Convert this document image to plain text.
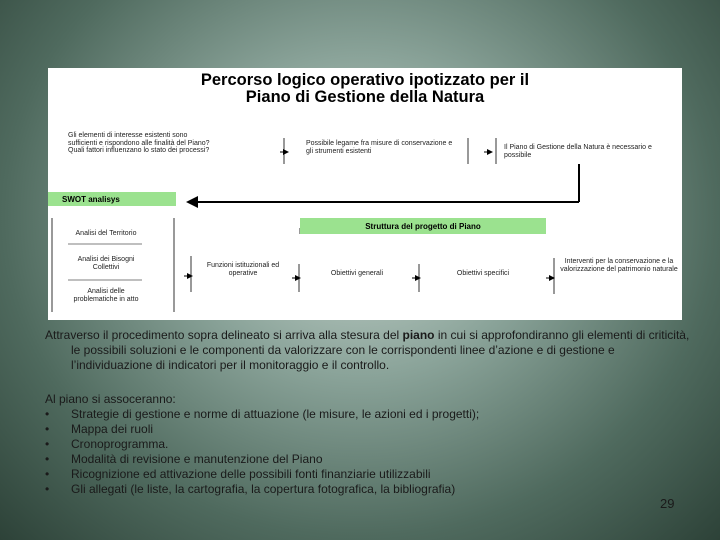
Percorso logico operativo ipotizzato per il
Piano di Gestione della Natura
Gli elementi di interesse esistenti sono sufficienti e rispondono alle finalità del Piano? Quali fattori influenzano lo stato dei processi?
Possibile legame fra misure di conservazione e gli strumenti esistenti	Il Piano di Gestione della Natura è necessario e possibile
SWOT analisys
Struttura del progetto di Piano
Analisi del Territorio
Analisi dei Bisogni Collettivi
Analisi delle problematiche in atto
Funzioni istituzionali ed operative	Obiettivi generali	Obiettivi specifici
Interventi per la conservazione e la valorizzazione del patrimonio naturale

Attraverso il procedimento sopra delineato si arriva alla stesura del piano in cui si approfondiranno gli elementi di criticità, le possibili soluzioni e le componenti da valorizzare con le corrispondenti linee d’azione e di gestione e l’individuazione di indicatori per il monitoraggio e il controllo.

Al piano si assoceranno:

• Strategie di gestione e norme di attuazione (le misure, le azioni ed i progetti);
• Mappa dei ruoli
• Cronoprogramma.
• Modalità di revisione e manutenzione del Piano
• Ricognizione ed attivazione delle possibili fonti finanziarie utilizzabili
• Gli allegati (le liste, la cartografia, la copertura fotografica, la bibliografia)
29
